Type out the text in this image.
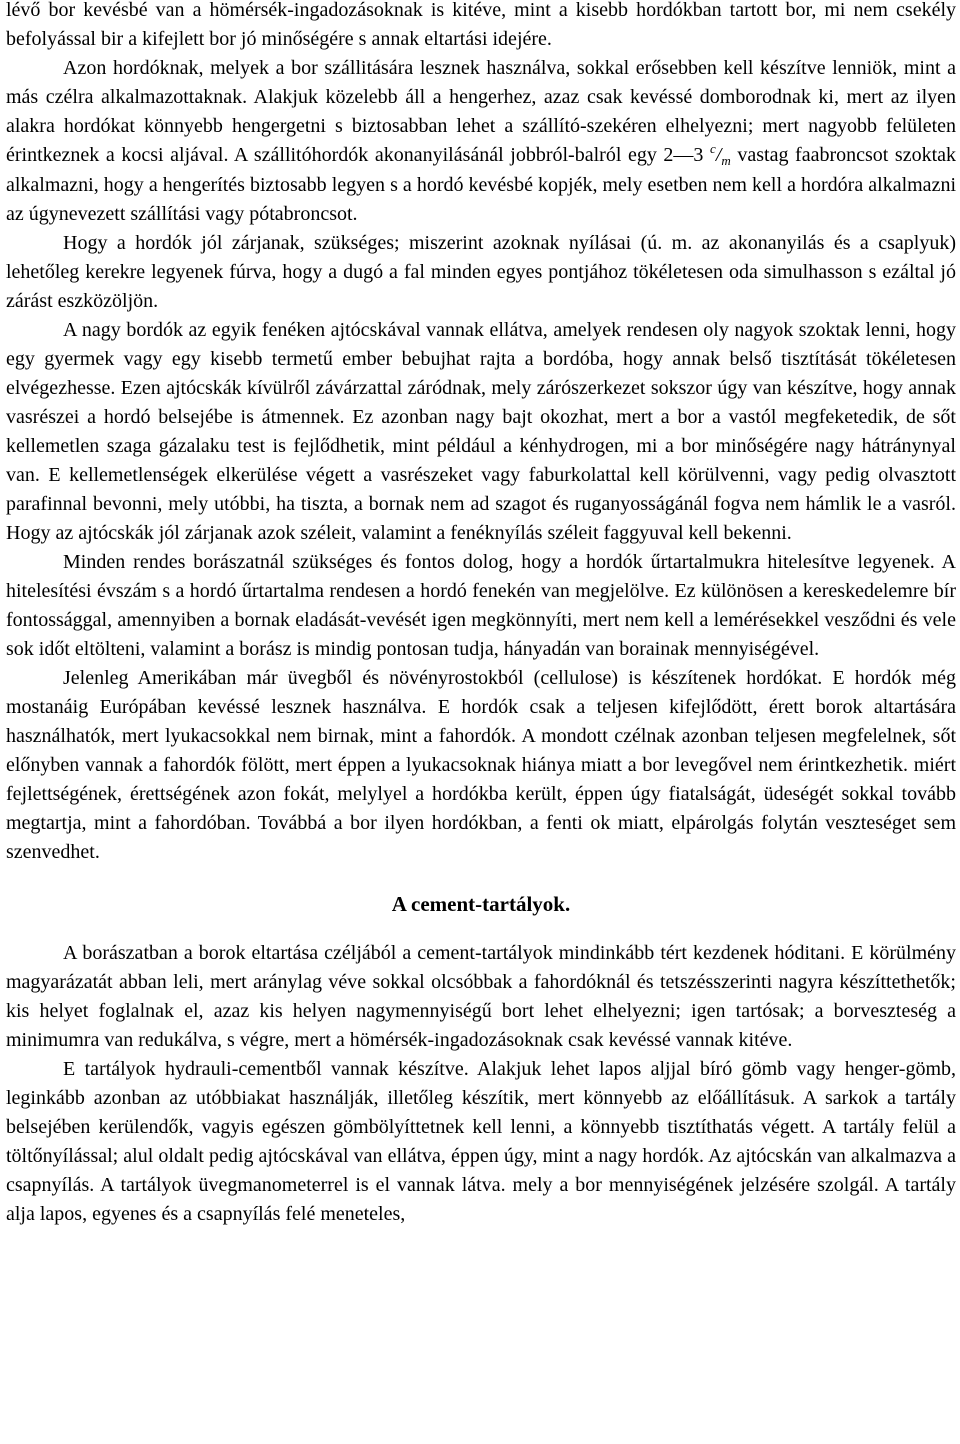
lévő bor kevésbé van a hömérsék-ingadozásoknak is kitéve, mint a kisebb hordókban tartott bor, mi nem csekély befolyással bir a kifejlett bor jó minőségére s annak eltartási idejére.

Azon hordóknak, melyek a bor szállitására lesznek használva, sokkal erősebben kell készítve lenniök, mint a más czélra alkalmazottaknak. Alakjuk közelebb áll a hengerhez, azaz csak kevéssé domborodnak ki, mert az ilyen alakra hordókat könnyebb hengergetni s biztosabban lehet a szállító-szekéren elhelyezni; mert nagyobb felületen érintkeznek a kocsi aljával. A szállitóhordók akonanyilásánál jobbról-balról egy 2—3 $^c/_m$ vastag faabroncsot szoktak alkalmazni, hogy a hengerítés biztosabb legyen s a hordó kevésbé kopjék, mely esetben nem kell a hordóra alkalmazni az úgynevezett szállítási vagy pótabroncsot.

Hogy a hordók jól zárjanak, szükséges; miszerint azoknak nyílásai (ú. m. az akonanyilás és a csaplyuk) lehetőleg kerekre legyenek fúrva, hogy a dugó a fal minden egyes pontjához tökéletesen oda simulhasson s ezáltal jó zárást eszközöljön.

A nagy bordók az egyik fenéken ajtócskával vannak ellátva, amelyek rendesen oly nagyok szoktak lenni, hogy egy gyermek vagy egy kisebb termetű ember bebujhat rajta a bordóba, hogy annak belső tisztítását tökéletesen elvégezhesse. Ezen ajtócskák kívülről závárzattal záródnak, mely zárószerkezet sokszor úgy van készítve, hogy annak vasrészei a hordó belsejébe is átmennek. Ez azonban nagy bajt okozhat, mert a bor a vastól megfeketedik, de sőt kellemetlen szaga gázalaku test is fejlődhetik, mint például a kénhydrogen, mi a bor minőségére nagy hátránynyal van. E kellemetlenségek elkerülése végett a vasrészeket vagy faburkolattal kell körülvenni, vagy pedig olvasztott parafinnal bevonni, mely utóbbi, ha tiszta, a bornak nem ad szagot és ruganyosságánál fogva nem hámlik le a vasról. Hogy az ajtócskák jól zárjanak azok széleit, valamint a fenéknyílás széleit faggyuval kell bekenni.

Minden rendes borászatnál szükséges és fontos dolog, hogy a hordók űrtartalmukra hitelesítve legyenek. A hitelesítési évszám s a hordó űrtartalma rendesen a hordó fenekén van megjelölve. Ez különösen a kereskedelemre bír fontossággal, amennyiben a bornak eladását-vevését igen megkönnyíti, mert nem kell a lemérésekkel vesződni és vele sok időt eltölteni, valamint a borász is mindig pontosan tudja, hányadán van borainak mennyiségével.

Jelenleg Amerikában már üvegből és növényrostokból (cellulose) is készítenek hordókat. E hordók még mostanáig Európában kevéssé lesznek használva. E hordók csak a teljesen kifejlődött, érett borok altartására használhatók, mert lyukacsokkal nem birnak, mint a fahordók. A mondott czélnak azonban teljesen megfelelnek, sőt előnyben vannak a fahordók fölött, mert éppen a lyukacsoknak hiánya miatt a bor levegővel nem érintkezhetik. miért fejlettségének, érettségének azon fokát, melylyel a hordókba került, éppen úgy fiatalságát, üdeségét sokkal tovább megtartja, mint a fahordóban. Továbbá a bor ilyen hordókban, a fenti ok miatt, elpárolgás folytán veszteséget sem szenvedhet.

A cement-tartályok.

A borászatban a borok eltartása czéljából a cement-tartályok mindinkább tért kezdenek hóditani. E körülmény magyarázatát abban leli, mert aránylag véve sokkal olcsóbbak a fahordóknál és tetszésszerinti nagyra készíttethetők; kis helyet foglalnak el, azaz kis helyen nagymennyiségű bort lehet elhelyezni; igen tartósak; a borveszteség a minimumra van redukálva, s végre, mert a hömérsék-ingadozásoknak csak kevéssé vannak kitéve.

E tartályok hydrauli-cementből vannak készítve. Alakjuk lehet lapos aljjal bíró gömb vagy henger-gömb, leginkább azonban az utóbbiakat használják, illetőleg készítik, mert könnyebb az előállításuk. A sarkok a tartály belsejében kerülendők, vagyis egészen gömbölyíttetnek kell lenni, a könnyebb tisztíthatás végett. A tartály felül a töltőnyílással; alul oldalt pedig ajtócskával van ellátva, éppen úgy, mint a nagy hordók. Az ajtócskán van alkalmazva a csapnyílás. A tartályok üvegmanometerrel is el vannak látva. mely a bor mennyiségének jelzésére szolgál. A tartály alja lapos, egyenes és a csapnyílás felé meneteles,
